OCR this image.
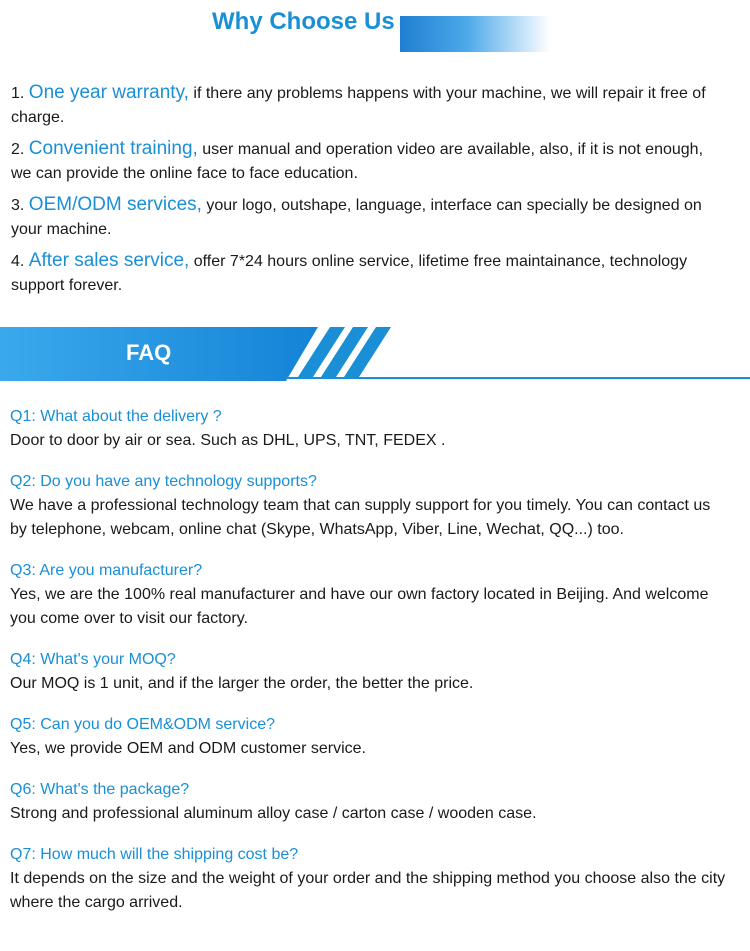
Why Choose Us

1. One year warranty, if there any problems happens with your machine, we will repair it free of charge.

2. Convenient training, user manual and operation video are available, also, if it is not enough, we can provide the online face to face education.

3. OEM/ODM services, your logo, outshape, language, interface can specially be designed on your machine.

4. After sales service, offer 7*24 hours online service, lifetime free maintainance, technology support forever.

FAQ
Q1: What about the delivery ?
Door to door by air or sea. Such as DHL, UPS, TNT, FEDEX .
Q2: Do you have any technology supports?
We have a professional technology team that can supply support for you timely. You can contact us by telephone, webcam, online chat (Skype, WhatsApp, Viber, Line, Wechat, QQ...) too.
Q3: Are you manufacturer?
Yes, we are the 100% real manufacturer and have our own factory located in Beijing. And welcome you come over to visit our factory.
Q4: What's your MOQ?
Our MOQ is 1 unit, and if the larger the order, the better the price.
Q5: Can you do OEM&ODM service?
Yes, we provide OEM and ODM customer service.
Q6: What's the package?
Strong and professional aluminum alloy case / carton case / wooden case.
Q7: How much will the shipping cost be?
It depends on the size and the weight of your order and the shipping method you choose also the city where the cargo arrived.
